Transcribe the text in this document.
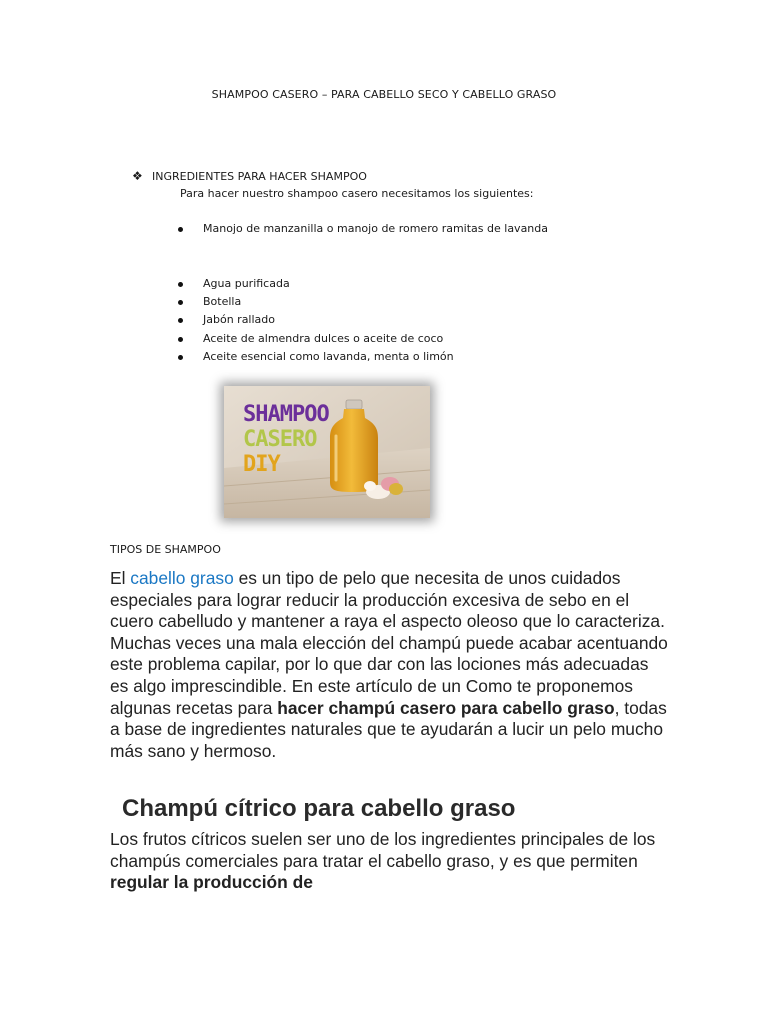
SHAMPOO CASERO – PARA CABELLO SECO Y CABELLO GRASO
❖ INGREDIENTES PARA HACER SHAMPOO
Para hacer nuestro shampoo casero necesitamos los siguientes:
Manojo de manzanilla o manojo de romero ramitas de lavanda
Agua purificada
Botella
Jabón rallado
Aceite de almendra dulces o aceite de coco
Aceite esencial como lavanda, menta o limón
SHAMPOO
CASERO
DIY
TIPOS DE SHAMPOO

El cabello graso es un tipo de pelo que necesita de unos cuidados especiales para lograr reducir la producción excesiva de sebo en el cuero cabelludo y mantener a raya el aspecto oleoso que lo caracteriza. Muchas veces una mala elección del champú puede acabar acentuando este problema capilar, por lo que dar con las lociones más adecuadas es algo imprescindible. En este artículo de un Como te proponemos algunas recetas para hacer champú casero para cabello graso, todas a base de ingredientes naturales que te ayudarán a lucir un pelo mucho más sano y hermoso.

Champú cítrico para cabello graso

Los frutos cítricos suelen ser uno de los ingredientes principales de los champús comerciales para tratar el cabello graso, y es que permiten regular la producción de
